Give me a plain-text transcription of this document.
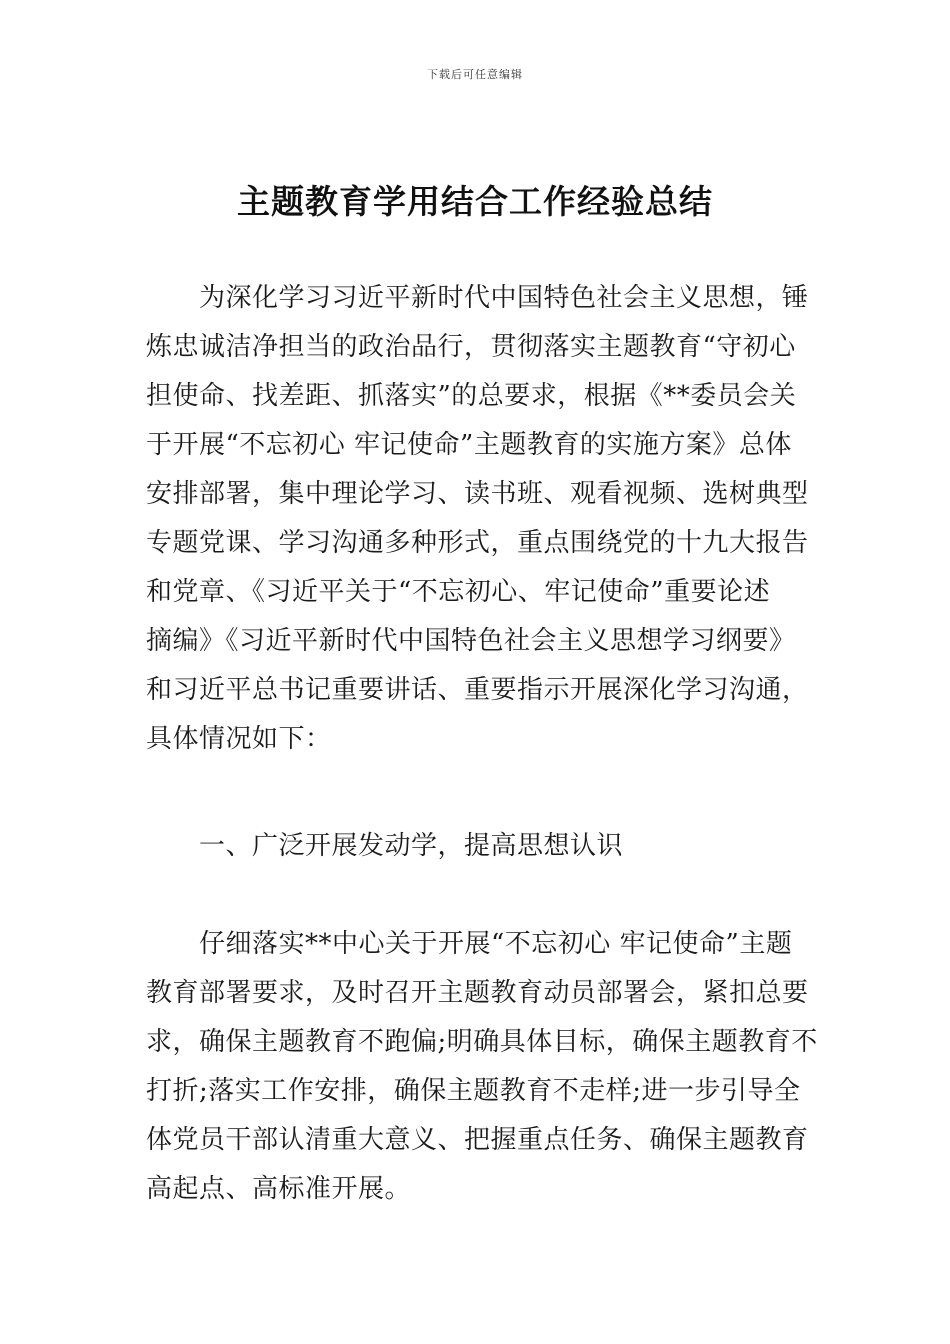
下载后可任意编辑
主题教育学用结合工作经验总结
为深化学习习近平新时代中国特色社会主义思想，锤
炼忠诚洁净担当的政治品行，贯彻落实主题教育“守初心
担使命、找差距、抓落实”的总要求，根据《**委员会关
于开展“不忘初心 牢记使命”主题教育的实施方案》总体
安排部署，集中理论学习、读书班、观看视频、选树典型
专题党课、学习沟通多种形式，重点围绕党的十九大报告
和党章、《习近平关于“不忘初心、牢记使命”重要论述
摘编》《习近平新时代中国特色社会主义思想学习纲要》
和习近平总书记重要讲话、重要指示开展深化学习沟通，
具体情况如下：
一、广泛开展发动学，提高思想认识
仔细落实**中心关于开展“不忘初心 牢记使命”主题
教育部署要求，及时召开主题教育动员部署会，紧扣总要
求，确保主题教育不跑偏;明确具体目标，确保主题教育不
打折;落实工作安排，确保主题教育不走样;进一步引导全
体党员干部认清重大意义、把握重点任务、确保主题教育
高起点、高标准开展。
